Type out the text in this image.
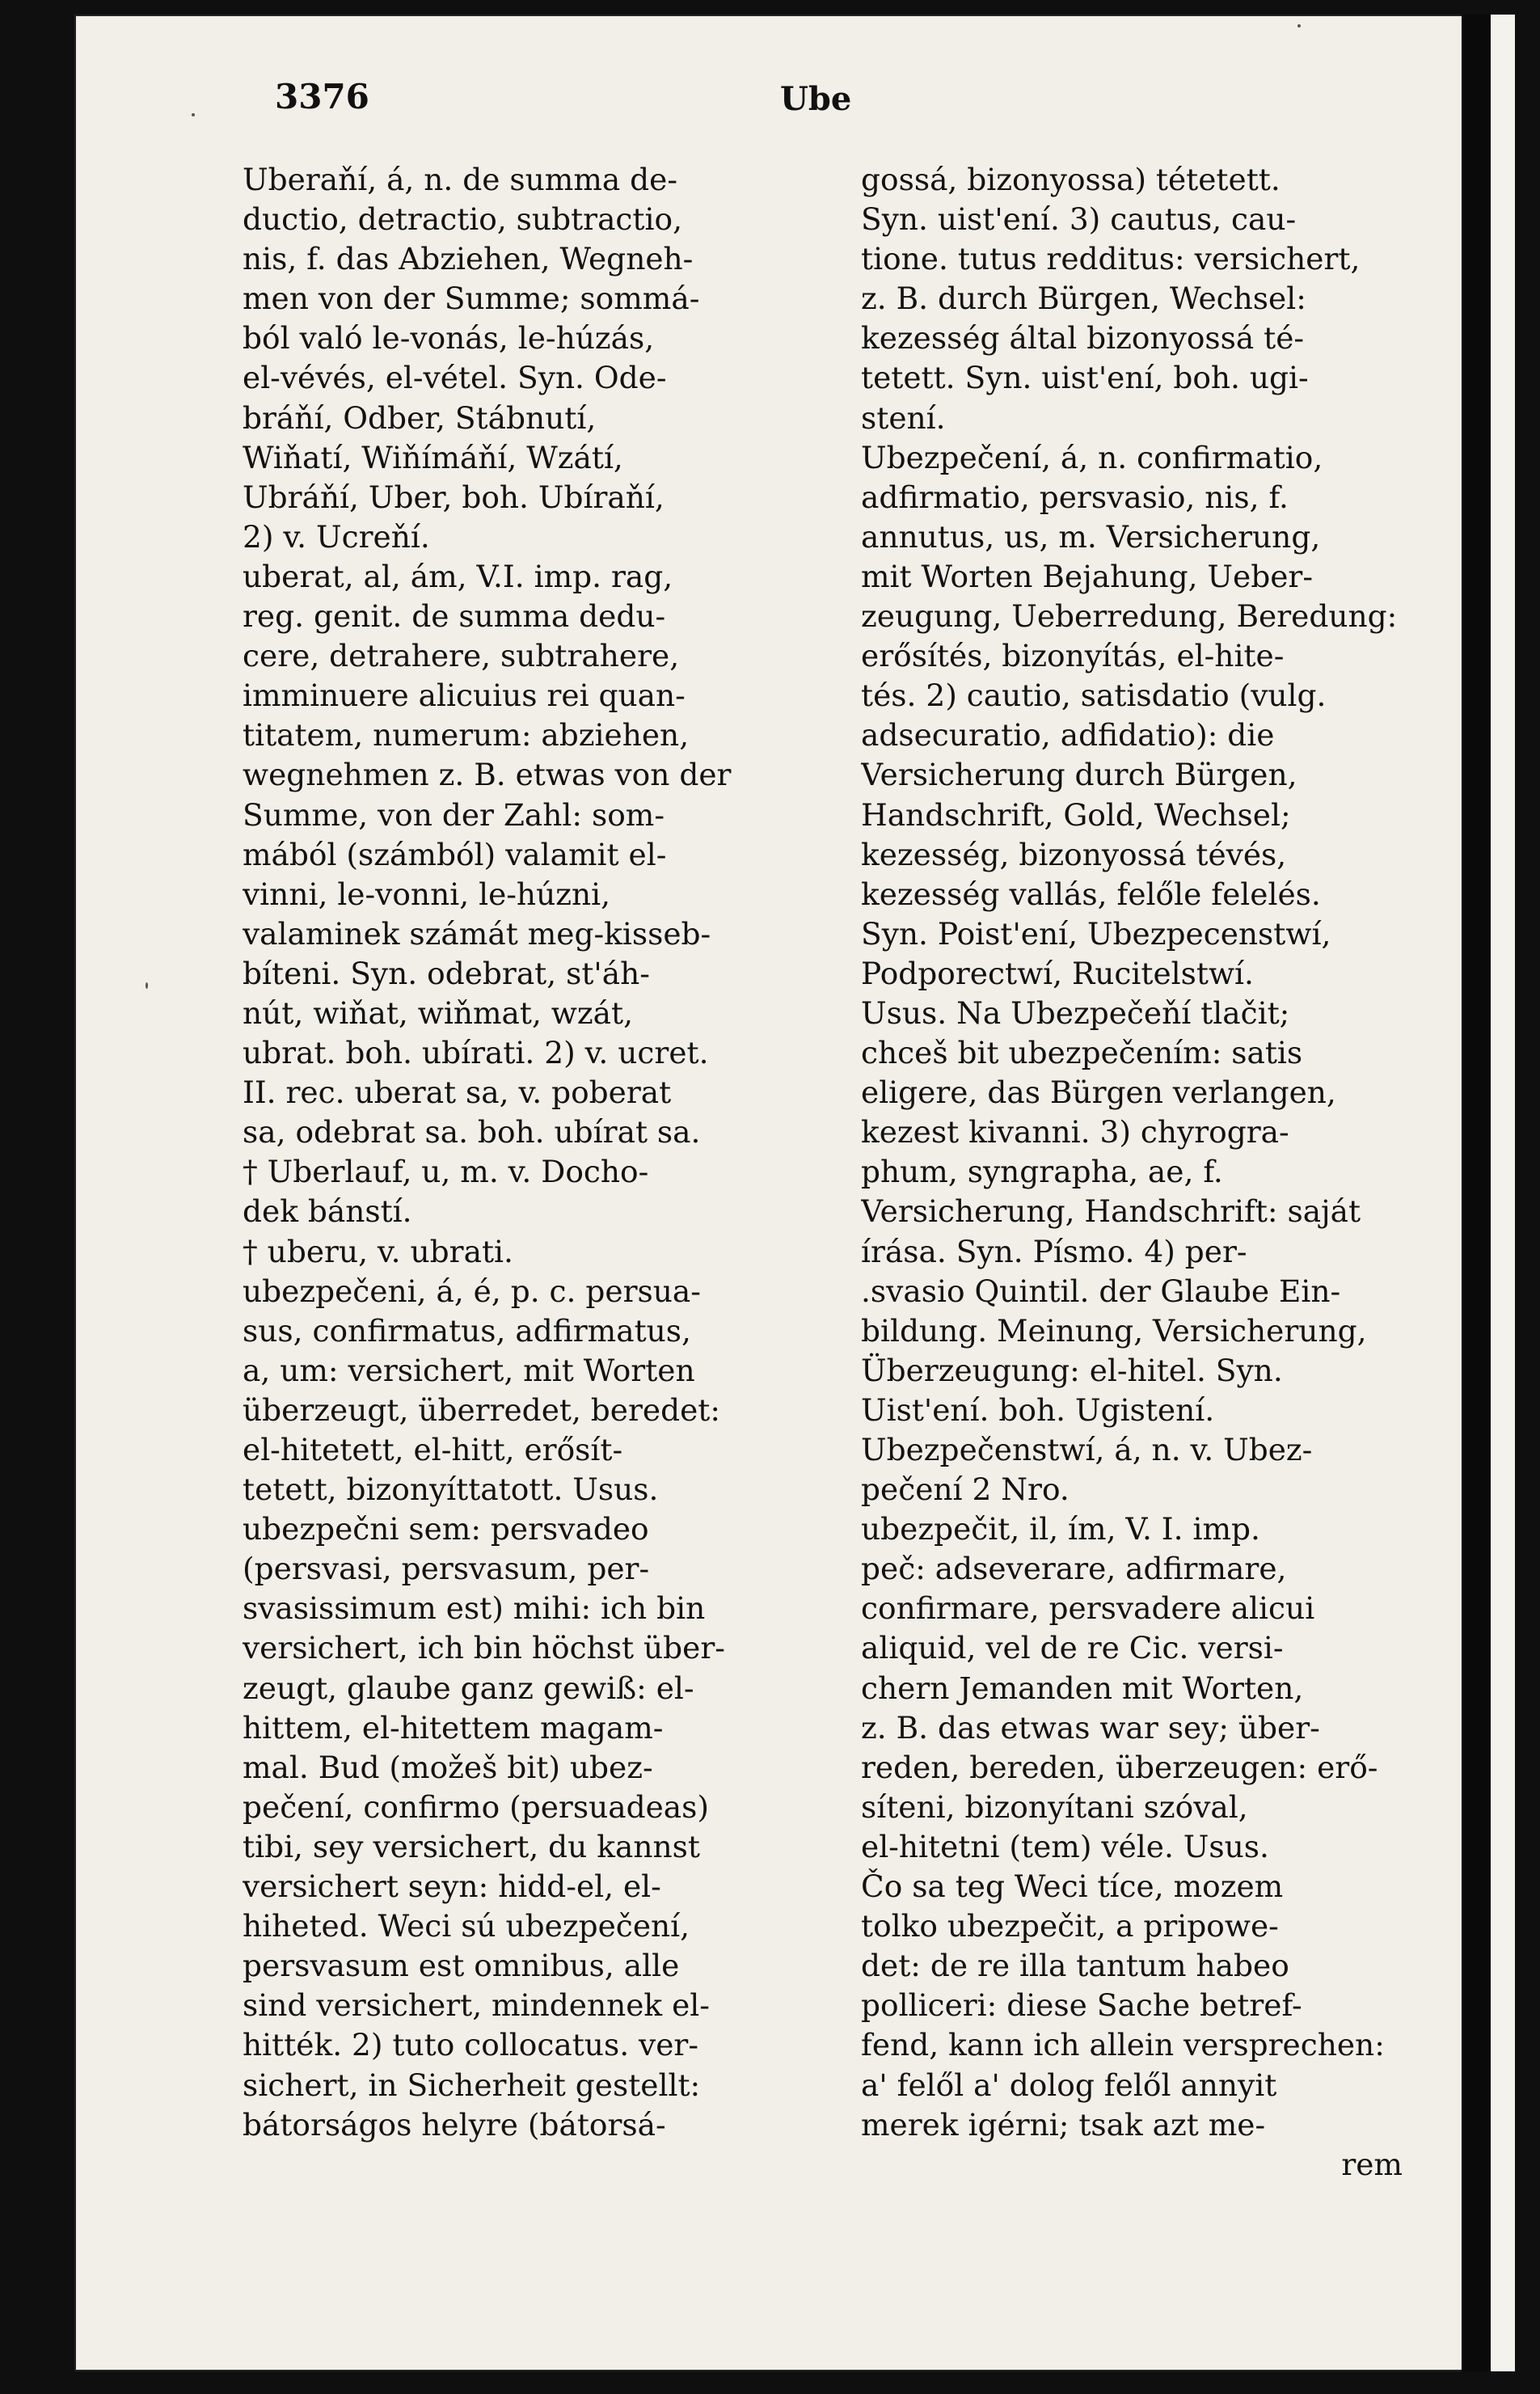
3376	Ube
Uberaňí, á, n. de summa de-
ductio, detractio, subtractio,
nis, f. das Abziehen, Wegneh-
men von der Summe; sommá-
ból való le-vonás, le-húzás,
el-vévés, el-vétel. Syn. Ode-
bráňí, Odber, Stábnutí,
Wiňatí, Wiňímáňí, Wzátí,
Ubráňí, Uber, boh. Ubíraňí,
2) v. Ucreňí.
uberat, al, ám, V.I. imp. rag,
reg. genit. de summa dedu-
cere, detrahere, subtrahere,
imminuere alicuius rei quan-
titatem, numerum: abziehen,
wegnehmen z. B. etwas von der
Summe, von der Zahl: som-
mából (számból) valamit el-
vinni, le-vonni, le-húzni,
valaminek számát meg-kisseb-
bíteni. Syn. odebrat, st'áh-
nút, wiňat, wiňmat, wzát,
ubrat. boh. ubírati. 2) v. ucret.
II. rec. uberat sa, v. poberat
sa, odebrat sa. boh. ubírat sa.
† Uberlauf, u, m. v. Docho-
dek bánstí.
† uberu, v. ubrati.
ubezpečeni, á, é, p. c. persua-
sus, confirmatus, adfirmatus,
a, um: versichert, mit Worten
überzeugt, überredet, beredet:
el-hitetett, el-hitt, erősít-
tetett, bizonyíttatott. Usus.
ubezpečni sem: persvadeo
(persvasi, persvasum, per-
svasissimum est) mihi: ich bin
versichert, ich bin höchst über-
zeugt, glaube ganz gewiß: el-
hittem, el-hitettem magam-
mal. Bud (možeš bit) ubez-
pečení, confirmo (persuadeas)
tibi, sey versichert, du kannst
versichert seyn: hidd-el, el-
hiheted. Weci sú ubezpečení,
persvasum est omnibus, alle
sind versichert, mindennek el-
hitték. 2) tuto collocatus. ver-
sichert, in Sicherheit gestellt:
bátorságos helyre (bátorsá-
gossá, bizonyossa) tétetett.
Syn. uist'ení. 3) cautus, cau-
tione. tutus redditus: versichert,
z. B. durch Bürgen, Wechsel:
kezesség által bizonyossá té-
tetett. Syn. uist'ení, boh. ugi-
stení.
Ubezpečení, á, n. confirmatio,
adfirmatio, persvasio, nis, f.
annutus, us, m. Versicherung,
mit Worten Bejahung, Ueber-
zeugung, Ueberredung, Beredung:
erősítés, bizonyítás, el-hite-
tés. 2) cautio, satisdatio (vulg.
adsecuratio, adfidatio): die
Versicherung durch Bürgen,
Handschrift, Gold, Wechsel;
kezesség, bizonyossá tévés,
kezesség vallás, felőle felelés.
Syn. Poist'ení, Ubezpecenstwí,
Podporectwí, Rucitelstwí.
Usus. Na Ubezpečeňí tlačit;
chceš bit ubezpečením: satis
eligere, das Bürgen verlangen,
kezest kivanni. 3) chyrogra-
phum, syngrapha, ae, f.
Versicherung, Handschrift: saját
írása. Syn. Písmo. 4) per-
.svasio Quintil. der Glaube Ein-
bildung. Meinung, Versicherung,
Überzeugung: el-hitel. Syn.
Uist'ení. boh. Ugistení.
Ubezpečenstwí, á, n. v. Ubez-
pečení 2 Nro.
ubezpečit, il, ím, V. I. imp.
peč: adseverare, adfirmare,
confirmare, persvadere alicui
aliquid, vel de re Cic. versi-
chern Jemanden mit Worten,
z. B. das etwas war sey; über-
reden, bereden, überzeugen: erő-
síteni, bizonyítani szóval,
el-hitetni (tem) véle. Usus.
Čo sa teg Weci tíce, mozem
tolko ubezpečit, a pripowe-
det: de re illa tantum habeo
polliceri: diese Sache betref-
fend, kann ich allein versprechen:
a' felől a' dolog felől annyit
merek igérni; tsak azt me-
rem
